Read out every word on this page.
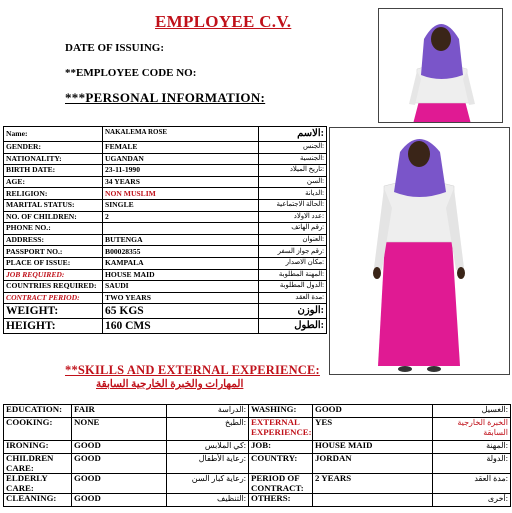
EMPLOYEE C.V.
DATE OF ISSUING:
**EMPLOYEE CODE NO:
***PERSONAL INFORMATION:
Name:	NAKALEMA ROSE	:الاسم
GENDER:	FEMALE	:الجنس
NATIONALITY:	UGANDAN	:الجنسية
BIRTH DATE:	23-11-1990	:تاريخ الميلاد
AGE:	34 YEARS	:السن
RELIGION:	NON MUSLIM	:الديانة
MARITAL STATUS:	SINGLE	:الحالة الاجتماعية
NO. OF CHILDREN:	2	:عدد الاولاد
PHONE NO.:		:رقم الهاتف
ADDRESS:	BUTENGA	:العنوان
PASSPORT NO.:	B00028355	:رقم جواز السفر
PLACE OF ISSUE:	KAMPALA	:مكان الاصدار
JOB REQUIRED:	HOUSE MAID	:المهنة المطلوبة
COUNTRIES REQUIRED:	SAUDI	:الدول المطلوبة
CONTRACT PERIOD:	TWO YEARS	:مدة العقد
WEIGHT:	65 KGS	:الوزن
HEIGHT:	160 CMS	:الطول
**SKILLS AND EXTERNAL EXPERIENCE:
المهارات والخبرة الخارجية السابقة
EDUCATION:	FAIR	:الدراسة	WASHING:	GOOD	:الغسيل
COOKING:	NONE	:الطبخ	EXTERNAL EXPERIENCE:	YES	الخبرة الخارجية السابقة
IRONING:	GOOD	:كي الملابس	JOB:	HOUSE MAID	:المهنة
CHILDREN CARE:	GOOD	:رعاية الأطفال	COUNTRY:	JORDAN	:الدولة
ELDERLY CARE:	GOOD	:رعاية كبار السن	PERIOD OF CONTRACT:	2 YEARS	:مدة العقد
CLEANING:	GOOD	:التنظيف	OTHERS:		:أخرى
